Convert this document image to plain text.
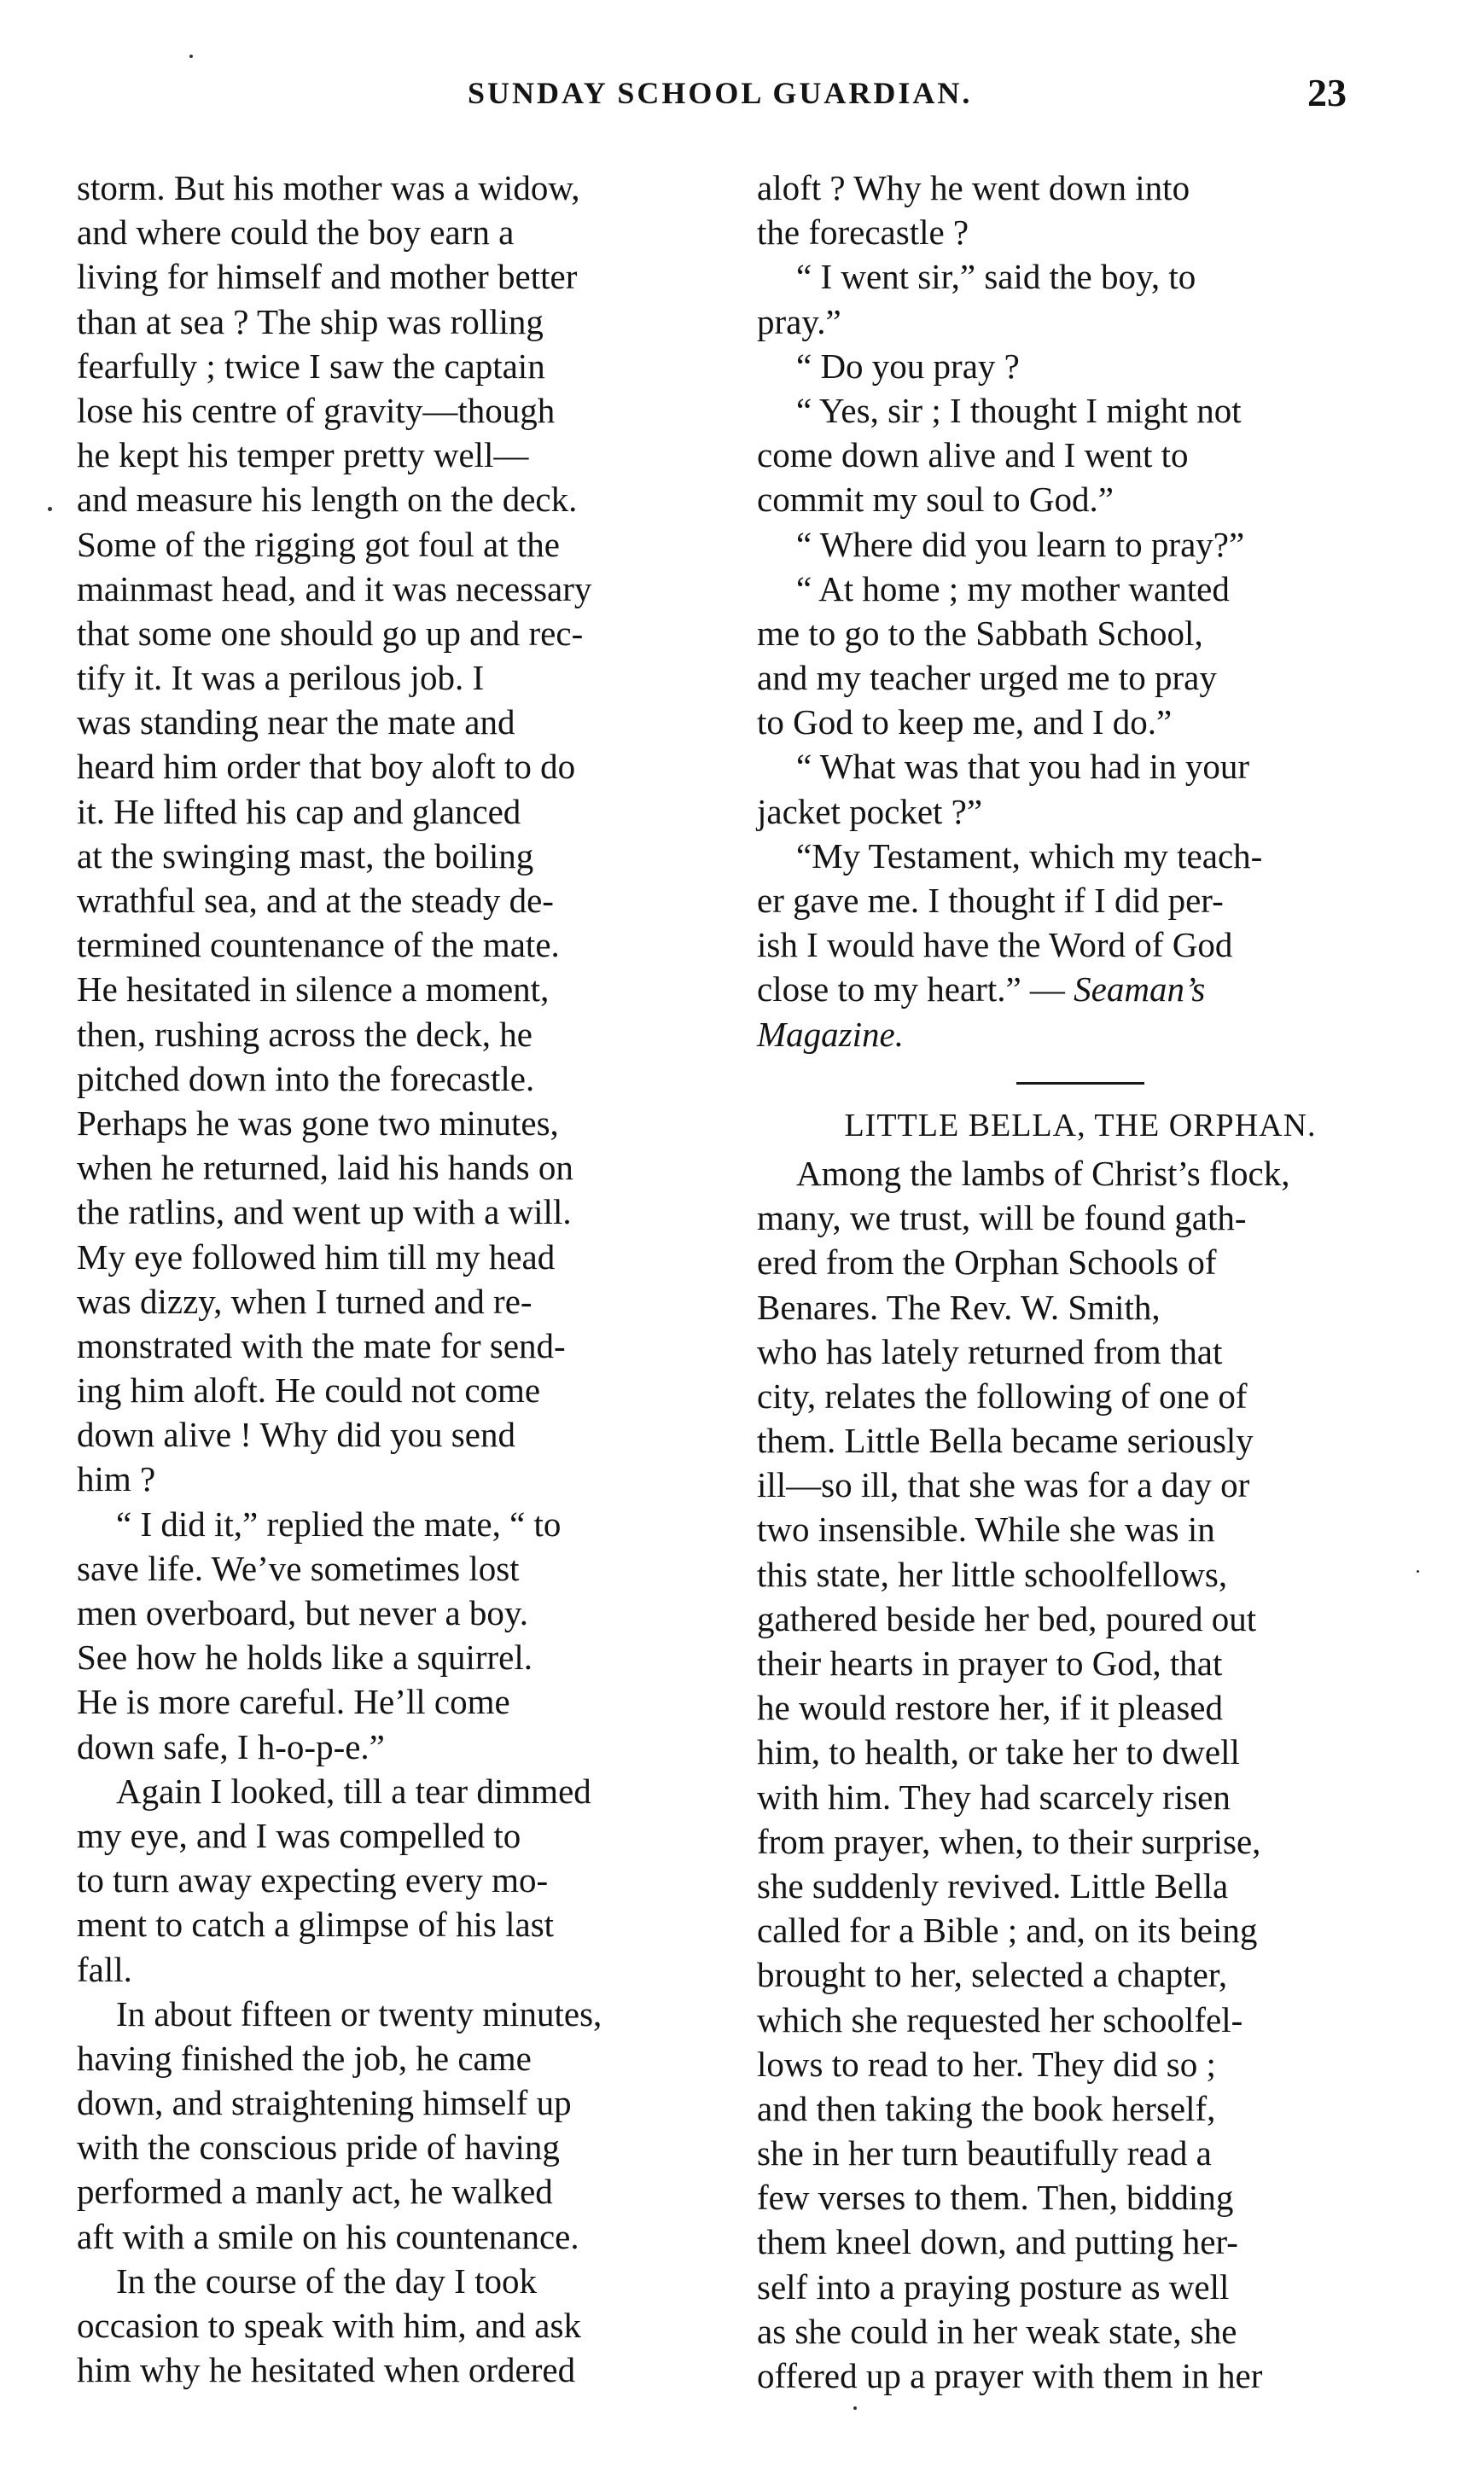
SUNDAY SCHOOL GUARDIAN.	23
storm. But his mother was a widow,
and where could the boy earn a
living for himself and mother better
than at sea ? The ship was rolling
fearfully ; twice I saw the captain
lose his centre of gravity—though
he kept his temper pretty well—
and measure his length on the deck.
Some of the rigging got foul at the
mainmast head, and it was necessary
that some one should go up and rec-
tify it. It was a perilous job. I
was standing near the mate and
heard him order that boy aloft to do
it. He lifted his cap and glanced
at the swinging mast, the boiling
wrathful sea, and at the steady de-
termined countenance of the mate.
He hesitated in silence a moment,
then, rushing across the deck, he
pitched down into the forecastle.
Perhaps he was gone two minutes,
when he returned, laid his hands on
the ratlins, and went up with a will.
My eye followed him till my head
was dizzy, when I turned and re-
monstrated with the mate for send-
ing him aloft. He could not come
down alive ! Why did you send
him ?
“ I did it,” replied the mate, “ to
save life. We’ve sometimes lost
men overboard, but never a boy.
See how he holds like a squirrel.
He is more careful. He’ll come
down safe, I h-o-p-e.”
Again I looked, till a tear dimmed
my eye, and I was compelled to
to turn away expecting every mo-
ment to catch a glimpse of his last
fall.
In about fifteen or twenty minutes,
having finished the job, he came
down, and straightening himself up
with the conscious pride of having
performed a manly act, he walked
aft with a smile on his countenance.
In the course of the day I took
occasion to speak with him, and ask
him why he hesitated when ordered
aloft ? Why he went down into
the forecastle ?
“ I went sir,” said the boy, to
pray.”
“ Do you pray ?
“ Yes, sir ; I thought I might not
come down alive and I went to
commit my soul to God.”
“ Where did you learn to pray?”
“ At home ; my mother wanted
me to go to the Sabbath School,
and my teacher urged me to pray
to God to keep me, and I do.”
“ What was that you had in your
jacket pocket ?”
“My Testament, which my teach-
er gave me. I thought if I did per-
ish I would have the Word of God
close to my heart.” — Seaman’s
Magazine.
LITTLE BELLA, THE ORPHAN.
Among the lambs of Christ’s flock,
many, we trust, will be found gath-
ered from the Orphan Schools of
Benares. The Rev. W. Smith,
who has lately returned from that
city, relates the following of one of
them. Little Bella became seriously
ill—so ill, that she was for a day or
two insensible. While she was in
this state, her little schoolfellows,
gathered beside her bed, poured out
their hearts in prayer to God, that
he would restore her, if it pleased
him, to health, or take her to dwell
with him. They had scarcely risen
from prayer, when, to their surprise,
she suddenly revived. Little Bella
called for a Bible ; and, on its being
brought to her, selected a chapter,
which she requested her schoolfel-
lows to read to her. They did so ;
and then taking the book herself,
she in her turn beautifully read a
few verses to them. Then, bidding
them kneel down, and putting her-
self into a praying posture as well
as she could in her weak state, she
offered up a prayer with them in her
